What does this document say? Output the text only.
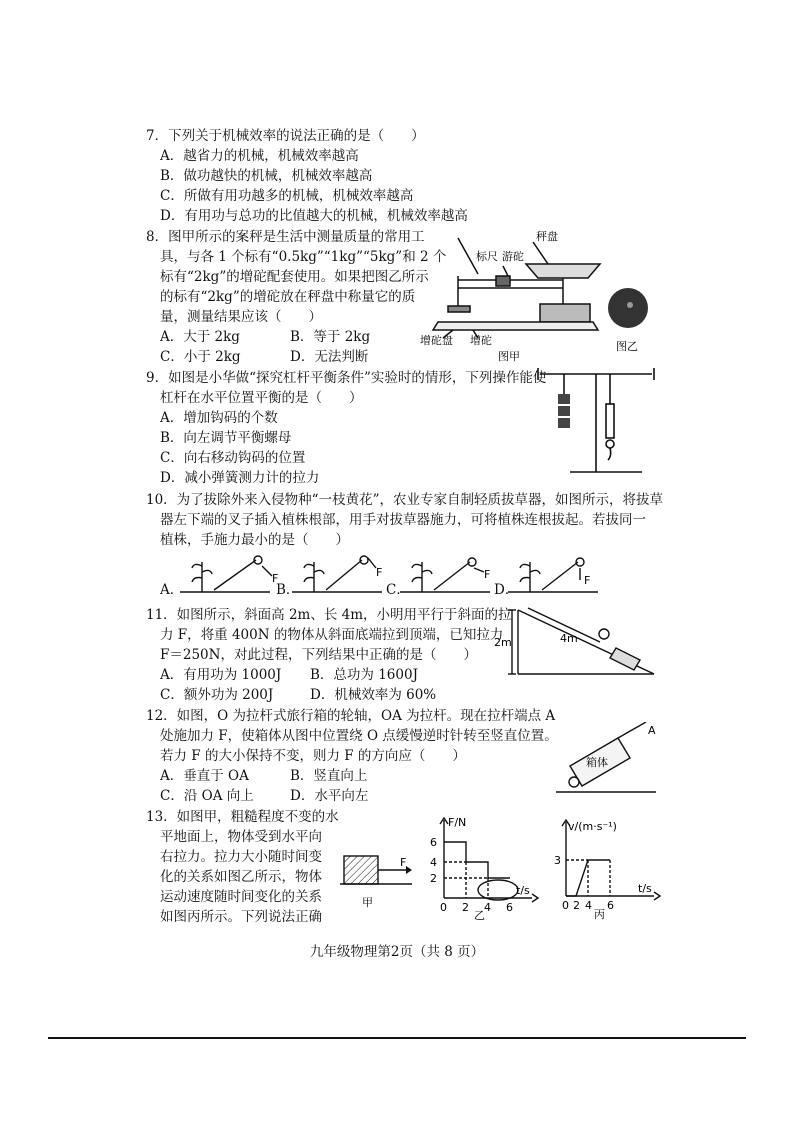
7．下列关于机械效率的说法正确的是（　　）
A．越省力的机械，机械效率越高
B．做功越快的机械，机械效率越高
C．所做有用功越多的机械，机械效率越高
D．有用功与总功的比值越大的机械，机械效率越高
8．图甲所示的案秤是生活中测量质量的常用工
具，与各 1 个标有“0.5kg”“1kg”“5kg”和 2 个
标有“2kg”的增砣配套使用。如果把图乙所示
的标有“2kg”的增砣放在秤盘中称量它的质
量，测量结果应该（　　）
A．大于 2kg	B．等于 2kg
C．小于 2kg	D．无法判断
秤盘
标尺 游砣
增砣盘 增砣
图甲
图乙
9．如图是小华做“探究杠杆平衡条件”实验时的情形，下列操作能使
杠杆在水平位置平衡的是（　　）
A．增加钩码的个数
B．向左调节平衡螺母
C．向右移动钩码的位置
D．减小弹簧测力计的拉力
10．为了拔除外来入侵物种“一枝黄花”，农业专家自制轻质拔草器，如图所示，将拔草
器左下端的叉子插入植株根部，用手对拔草器施力，可将植株连根拔起。若拔同一
植株，手施力最小的是（　　）
A．	B．	C．	D．
F	F	F	F
11．如图所示，斜面高 2m、长 4m，小明用平行于斜面的拉
力 F，将重 400N 的物体从斜面底端拉到顶端，已知拉力
F＝250N，对此过程，下列结果中正确的是（　　）
A．有用功为 1000J B．总功为 1600J
C．额外功为 200J	D．机械效率为 60%
2m	4m
12．如图，O 为拉杆式旅行箱的轮轴，OA 为拉杆。现在拉杆端点 A
处施加力 F，使箱体从图中位置绕 O 点缓慢逆时针转至竖直位置。
若力 F 的大小保持不变，则力 F 的方向应（　　）
A．垂直于 OA	B．竖直向上
C．沿 OA 向上	D．水平向左
箱体
A
13．如图甲，粗糙程度不变的水
平地面上，物体受到水平向
右拉力。拉力大小随时间变
化的关系如图乙所示，物体
运动速度随时间变化的关系
如图丙所示。下列说法正确
F
甲
F/N
6
4
2
0 2 4 6
t/s
乙
v/(m·s⁻¹)
3
0 2 4 6
t/s
丙
九年级物理第2页（共 8 页）
